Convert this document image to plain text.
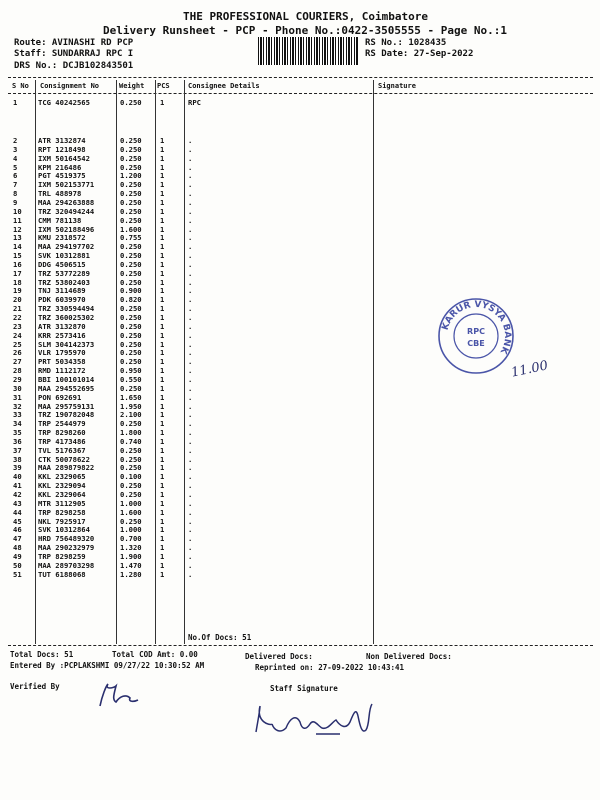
THE PROFESSIONAL COURIERS, Coimbatore
Delivery Runsheet - PCP - Phone No.:0422-3505555 - Page No.:1
Route: AVINASHI RD PCP
Staff: SUNDARRAJ RPC I
DRS No.: DCJB102843501
RS No.: 1028435
RS Date: 27-Sep-2022
S No Consignment No	Weight PCS	Consignee Details	Signature
1	TCG 40242565	0.250	1	RPC
2	ATR 3132874	0.250	1	.
3	RPT 1218498	0.250	1	.
4	IXM 50164542	0.250	1	.
5	KPM 216486	0.250	1	.
6	PGT 4519375	1.200	1	.
7	IXM 502153771	0.250	1	.
8	TRL 488978	0.250	1	.
9	MAA 294263888	0.250	1	.
10 TRZ 320494244	0.250	1	.
11 CMM 781138	0.250	1	.
12 IXM 502188496	1.600	1	.
13 KMU 2318572	0.755	1	.
14 MAA 294197702	0.250	1	.
15 SVK 10312881	0.250	1	.
16 DDG 4506515	0.250	1	.
17 TRZ 53772289	0.250	1	.
18 TRZ 53802403	0.250	1	.
19 TNJ 3114689	0.900	1	.
20 PDK 6039970	0.820	1	.
21 TRZ 330594494	0.250	1	.
22 TRZ 360025302	0.250	1	.
23 ATR 3132870	0.250	1	.
24 KRR 2573416	0.250	1	.
25 SLM 304142373	0.250	1	.
26 VLR 1795970	0.250	1	.
27 PRT 5034358	0.250	1	.
28 RMD 1112172	0.950	1	.
29 BBI 100101014	0.550	1	.
30 MAA 294552695	0.250	1	.
31 PON 692691	1.650	1	.
32 MAA 295759131	1.950	1	.
33 TRZ 190782048	2.100	1	.
34 TRP 2544979	0.250	1	.
35 TRP 8298260	1.800	1	.
36 TRP 4173486	0.740	1	.
37 TVL 5176367	0.250	1	.
38 CTK 50078622	0.250	1	.
39 MAA 289879822	0.250	1	.
40 KKL 2329065	0.100	1	.
41 KKL 2329094	0.250	1	.
42 KKL 2329064	0.250	1	.
43 MTR 3112905	1.000	1	.
44 TRP 8298258	1.600	1	.
45 NKL 7925917	0.250	1	.
46 SVK 10312864	1.000	1	.
47 HRD 756489320	0.700	1	.
48 MAA 290232979	1.320	1	.
49 TRP 8298259	1.900	1	.
50 MAA 289703298	1.470	1	.
51 TUT 6188068	1.280	1	.
No.Of Docs: 51
Total Docs: 51	Total COD Amt: 0.00	Delivered Docs:	Non Delivered Docs:
Entered By :PCPLAKSHMI 09/27/22 10:30:52 AM	Reprinted on: 27-09-2022 10:43:41
Verified By	Staff Signature
KARUR VYSYA BANK
RPC
CBE
11.00
